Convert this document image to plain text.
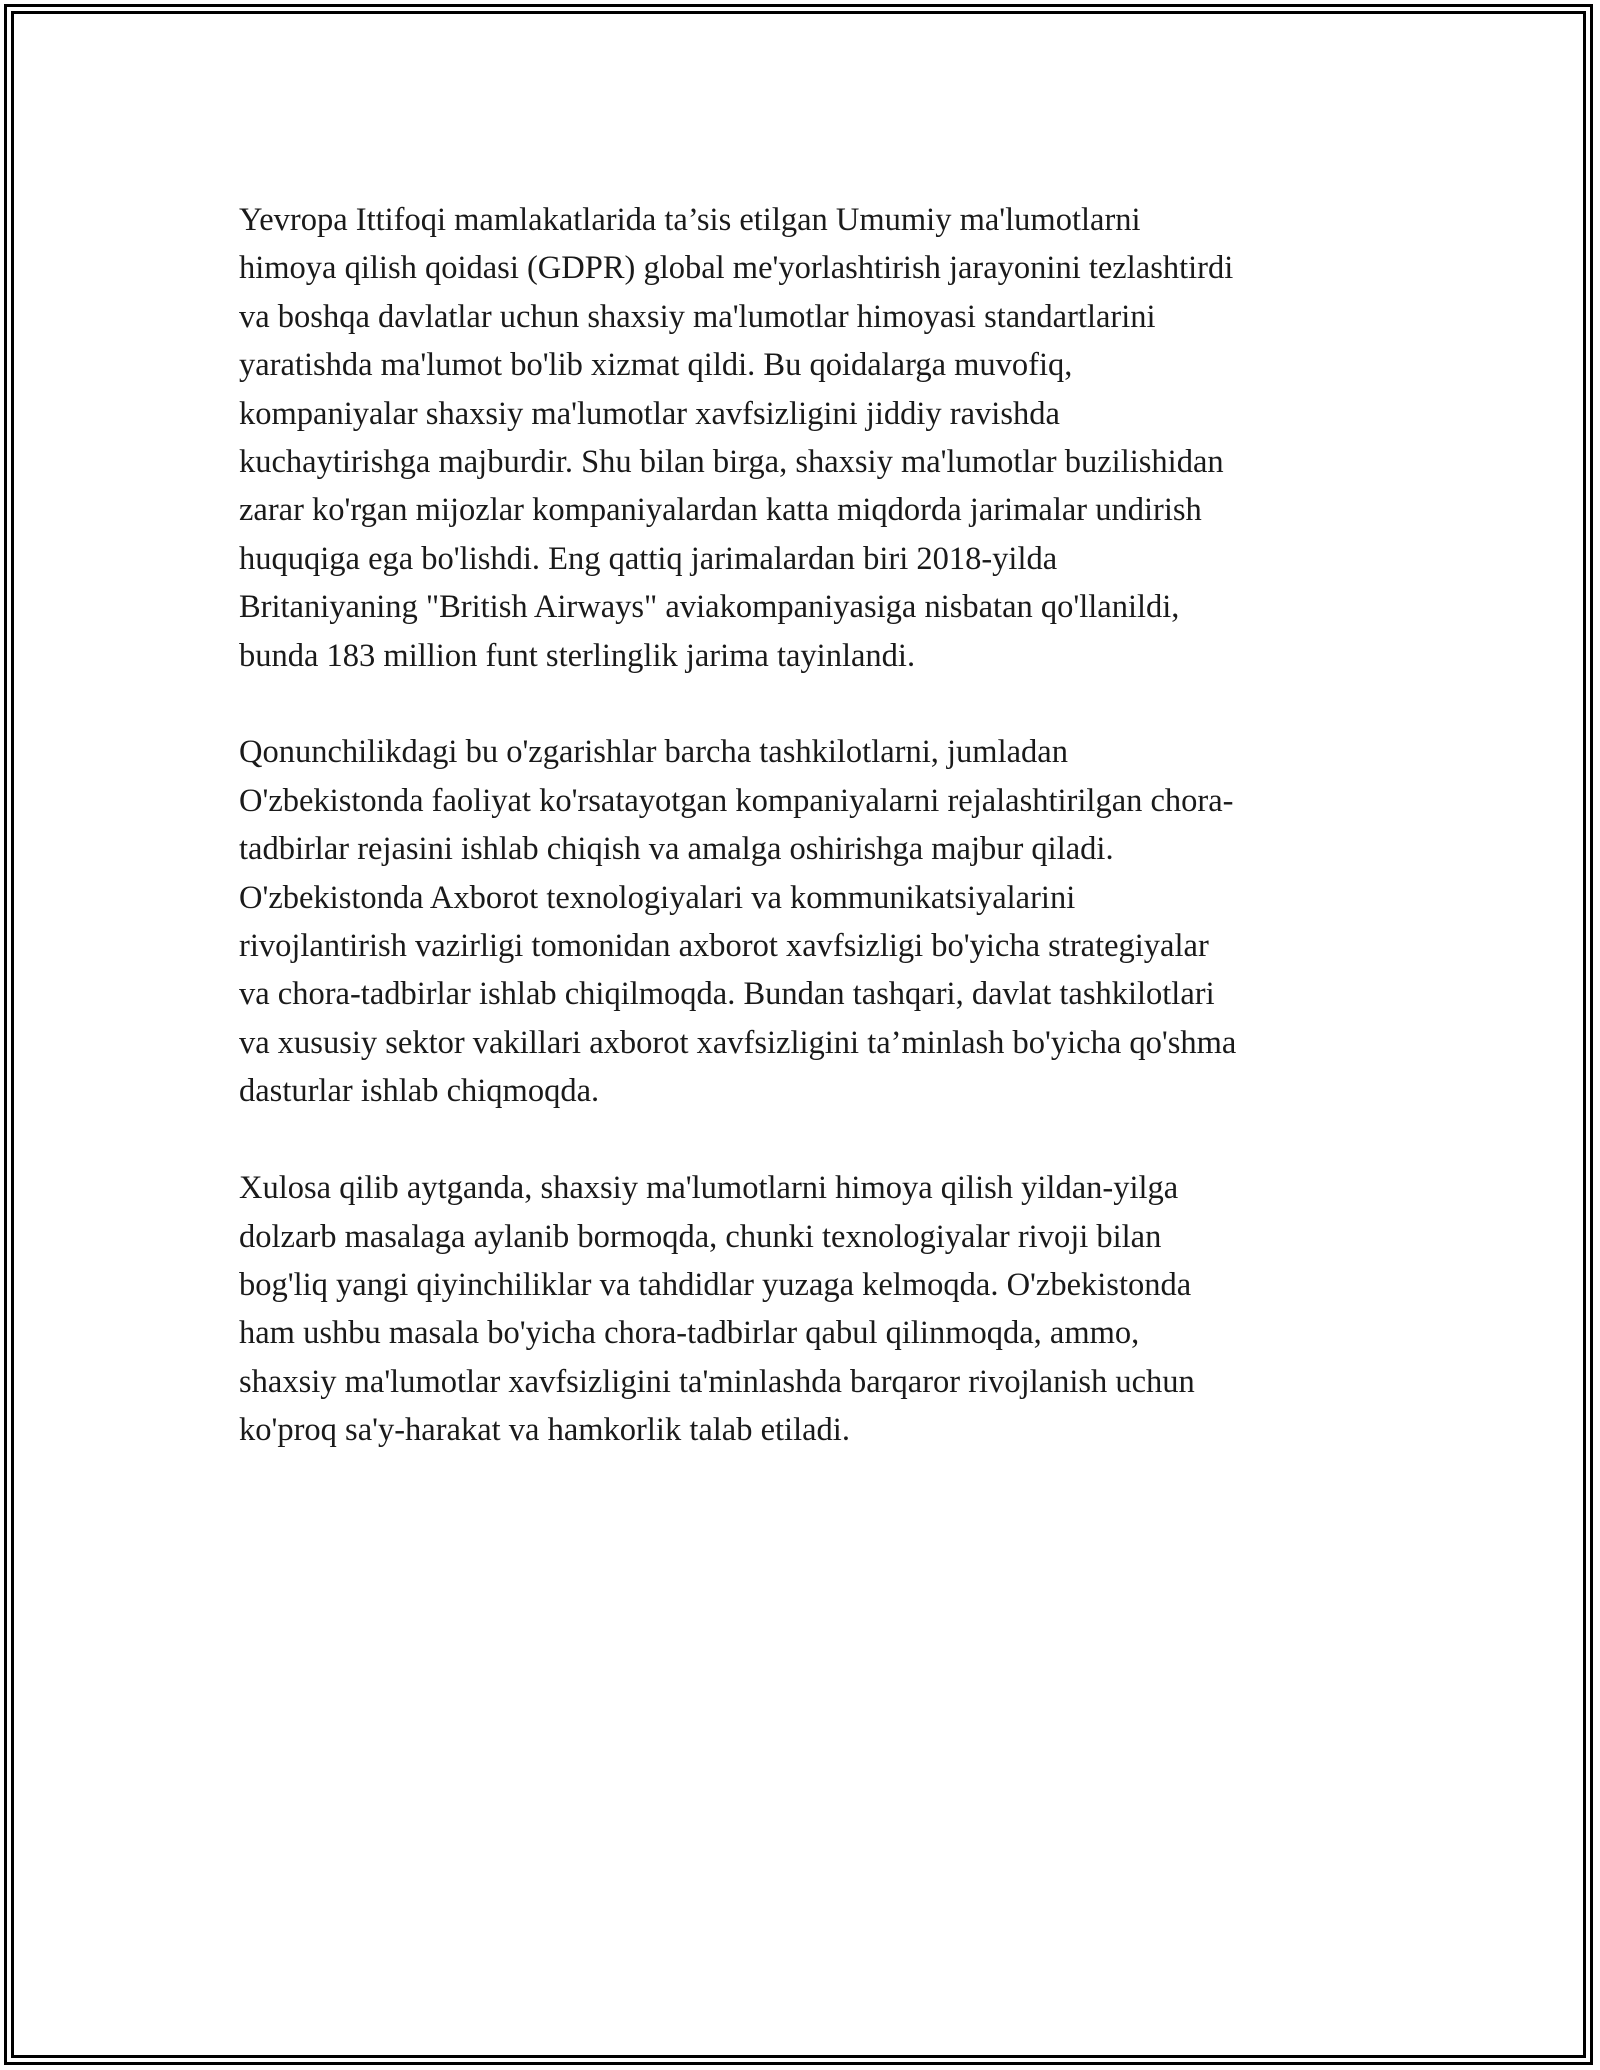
Yevropa Ittifoqi mamlakatlarida ta’sis etilgan Umumiy ma'lumotlarni
himoya qilish qoidasi (GDPR) global me'yorlashtirish jarayonini tezlashtirdi
va boshqa davlatlar uchun shaxsiy ma'lumotlar himoyasi standartlarini
yaratishda ma'lumot bo'lib xizmat qildi. Bu qoidalarga muvofiq,
kompaniyalar shaxsiy ma'lumotlar xavfsizligini jiddiy ravishda
kuchaytirishga majburdir. Shu bilan birga, shaxsiy ma'lumotlar buzilishidan
zarar ko'rgan mijozlar kompaniyalardan katta miqdorda jarimalar undirish
huquqiga ega bo'lishdi. Eng qattiq jarimalardan biri 2018-yilda
Britaniyaning "British Airways" aviakompaniyasiga nisbatan qo'llanildi,
bunda 183 million funt sterlinglik jarima tayinlandi.

Qonunchilikdagi bu o'zgarishlar barcha tashkilotlarni, jumladan
O'zbekistonda faoliyat ko'rsatayotgan kompaniyalarni rejalashtirilgan chora-
tadbirlar rejasini ishlab chiqish va amalga oshirishga majbur qiladi.
O'zbekistonda Axborot texnologiyalari va kommunikatsiyalarini
rivojlantirish vazirligi tomonidan axborot xavfsizligi bo'yicha strategiyalar
va chora-tadbirlar ishlab chiqilmoqda. Bundan tashqari, davlat tashkilotlari
va xususiy sektor vakillari axborot xavfsizligini ta’minlash bo'yicha qo'shma
dasturlar ishlab chiqmoqda.

Xulosa qilib aytganda, shaxsiy ma'lumotlarni himoya qilish yildan-yilga
dolzarb masalaga aylanib bormoqda, chunki texnologiyalar rivoji bilan
bog'liq yangi qiyinchiliklar va tahdidlar yuzaga kelmoqda. O'zbekistonda
ham ushbu masala bo'yicha chora-tadbirlar qabul qilinmoqda, ammo,
shaxsiy ma'lumotlar xavfsizligini ta'minlashda barqaror rivojlanish uchun
ko'proq sa'y-harakat va hamkorlik talab etiladi.
